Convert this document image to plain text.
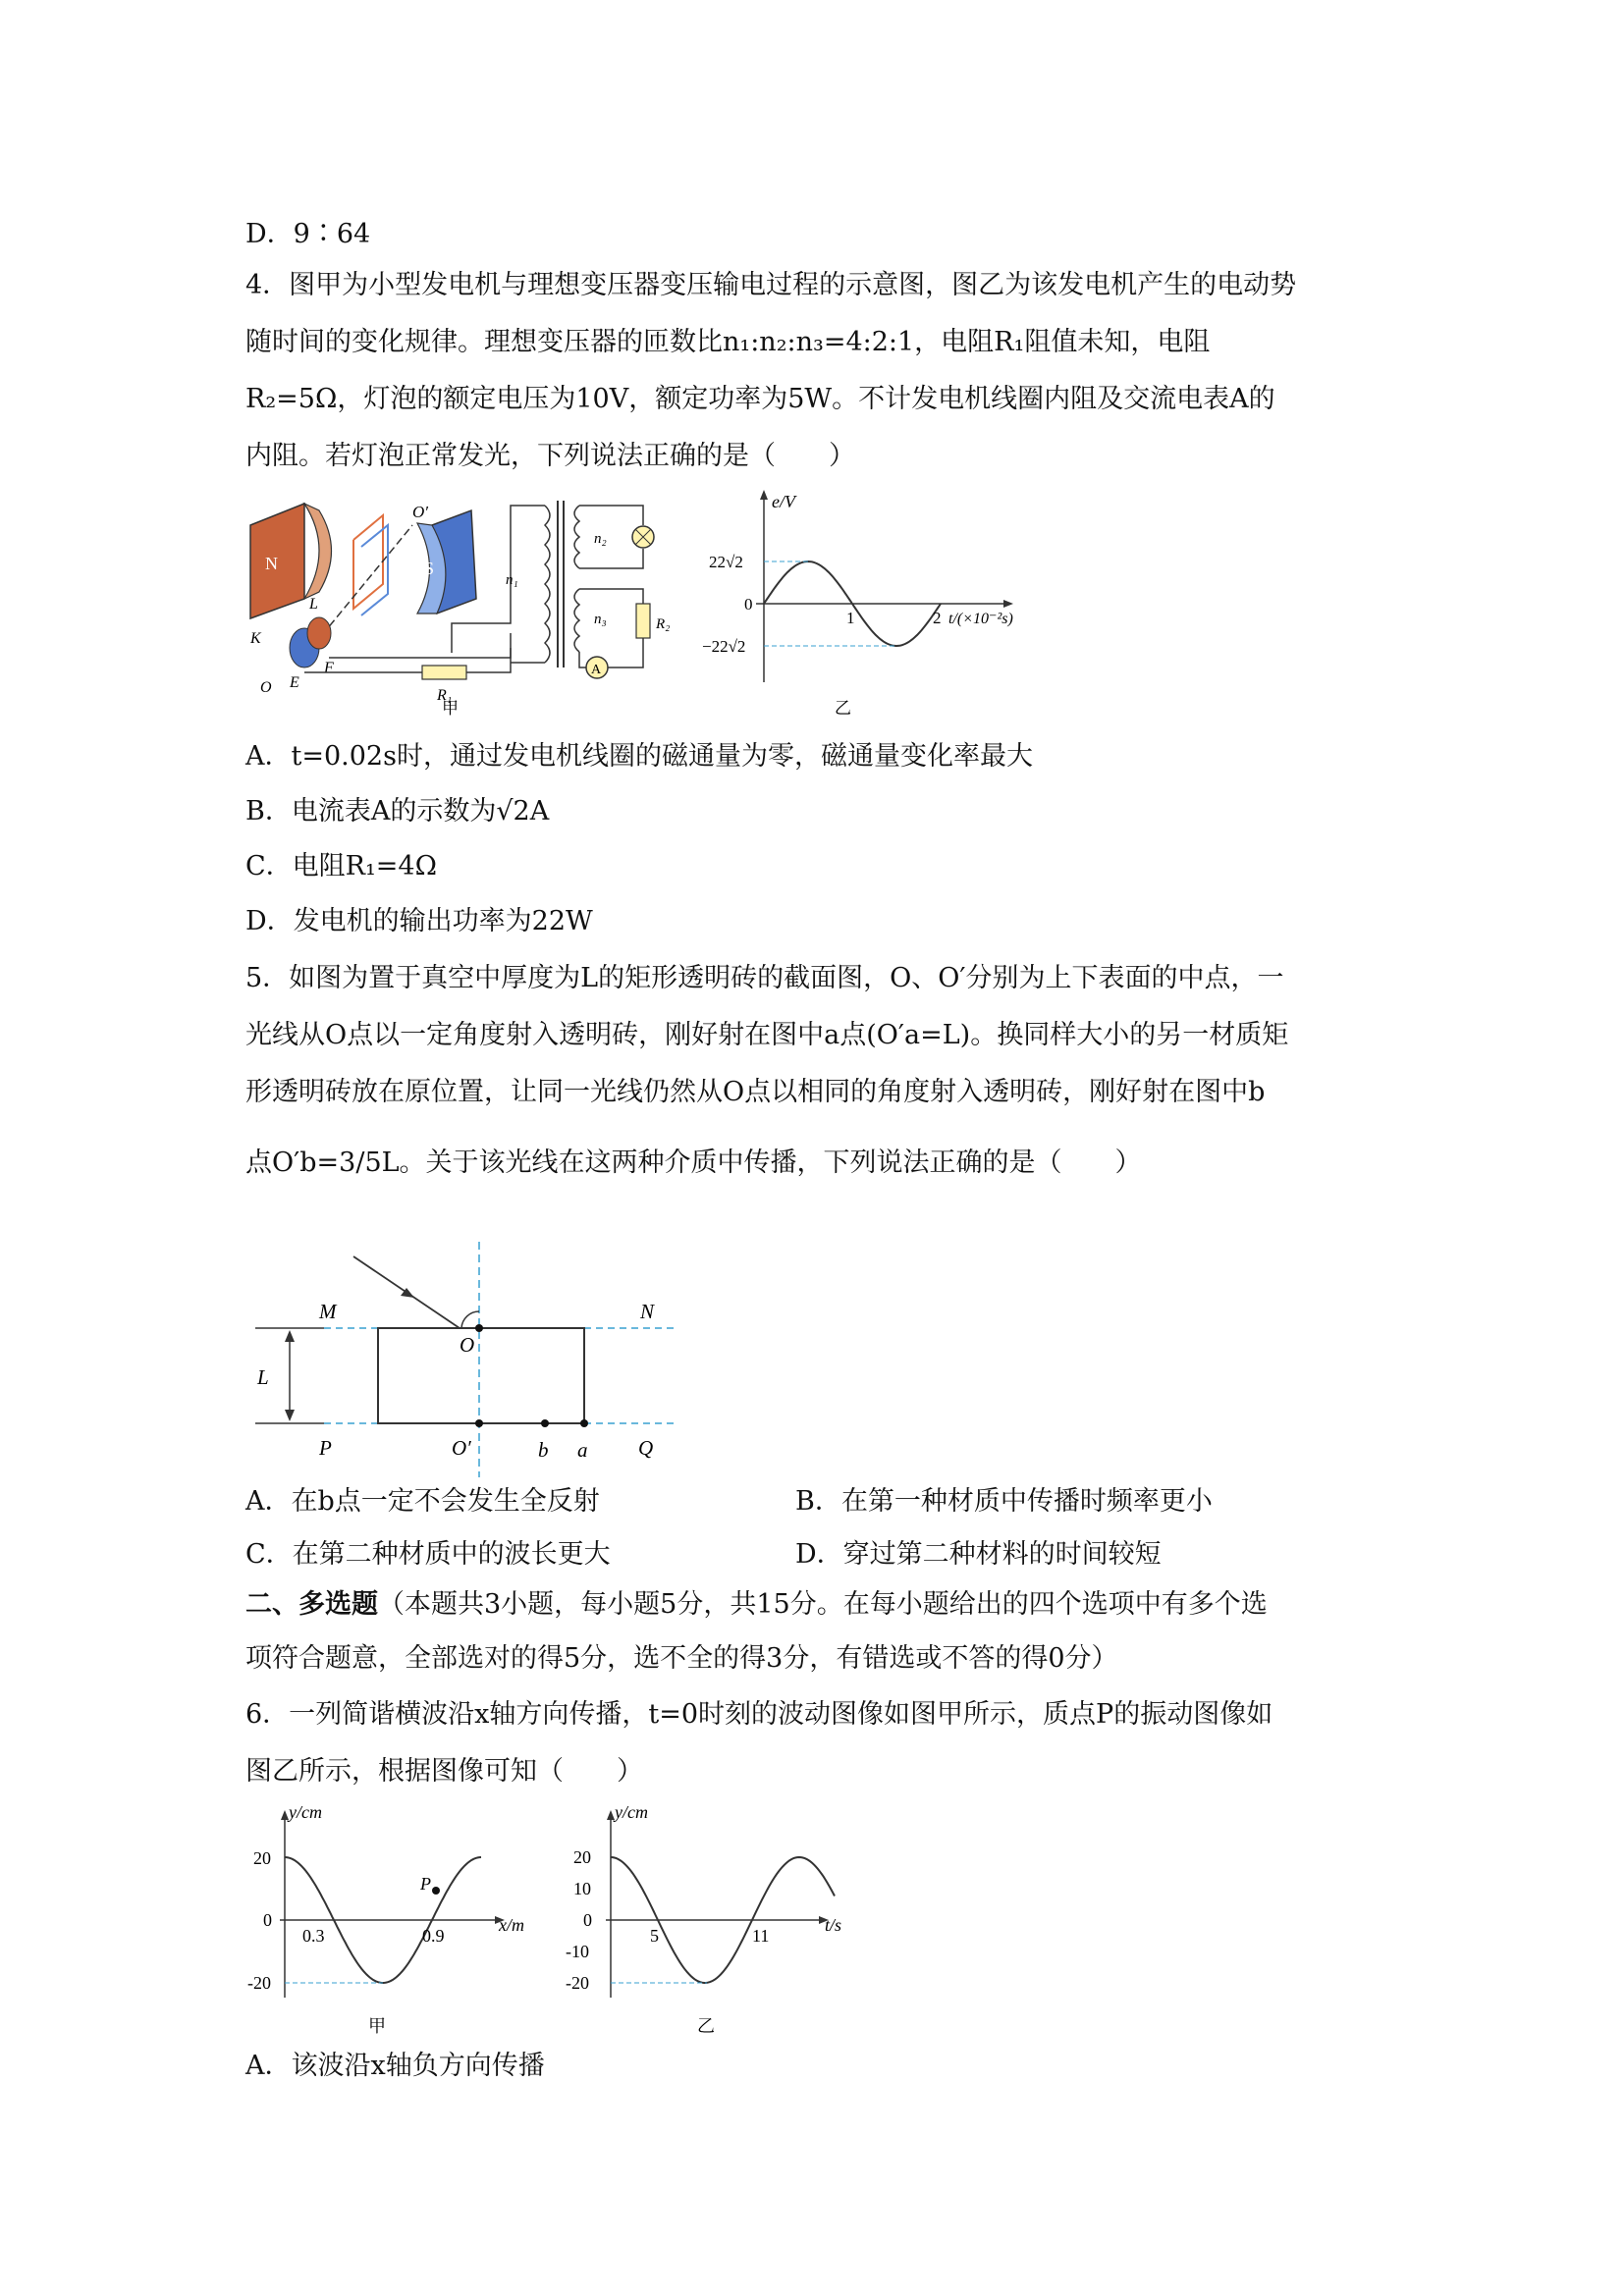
D．9∶64
4．图甲为小型发电机与理想变压器变压输电过程的示意图，图乙为该发电机产生的电动势
随时间的变化规律。理想变压器的匝数比n₁:n₂:n₃=4:2:1，电阻R₁阻值未知，电阻
R₂=5Ω，灯泡的额定电压为10V，额定功率为5W。不计发电机线圈内阻及交流电表A的
内阻。若灯泡正常发光，下列说法正确的是（　　）
N	S
O′
L
K
F
O E
R₁
n₁
n₂
A
n₃	R₂
甲
e/V
22√2
0
−22√2
1	2 t/(×10⁻²s)
乙
A．t=0.02s时，通过发电机线圈的磁通量为零，磁通量变化率最大
B．电流表A的示数为√2A
C．电阻R₁=4Ω
D．发电机的输出功率为22W
5．如图为置于真空中厚度为L的矩形透明砖的截面图，O、O′分别为上下表面的中点，一
光线从O点以一定角度射入透明砖，刚好射在图中a点(O′a=L)。换同样大小的另一材质矩
形透明砖放在原位置，让同一光线仍然从O点以相同的角度射入透明砖，刚好射在图中b
点O′b=3/5L。关于该光线在这两种介质中传播，下列说法正确的是（　　）
M	N
O
L
P	O′	b a Q
A．在b点一定不会发生全反射	B．在第一种材质中传播时频率更小
C．在第二种材质中的波长更大	D．穿过第二种材料的时间较短
二、多选题（本题共3小题，每小题5分，共15分。在每小题给出的四个选项中有多个选
项符合题意，全部选对的得5分，选不全的得3分，有错选或不答的得0分）
6．一列简谐横波沿x轴方向传播，t=0时刻的波动图像如图甲所示，质点P的振动图像如
图乙所示，根据图像可知（　　）
y/cm
20
0
-20
0.3	0.9
x/m
P
甲
y/cm
20
10
0
-10
-20
5	11
t/s
乙
A．该波沿x轴负方向传播
